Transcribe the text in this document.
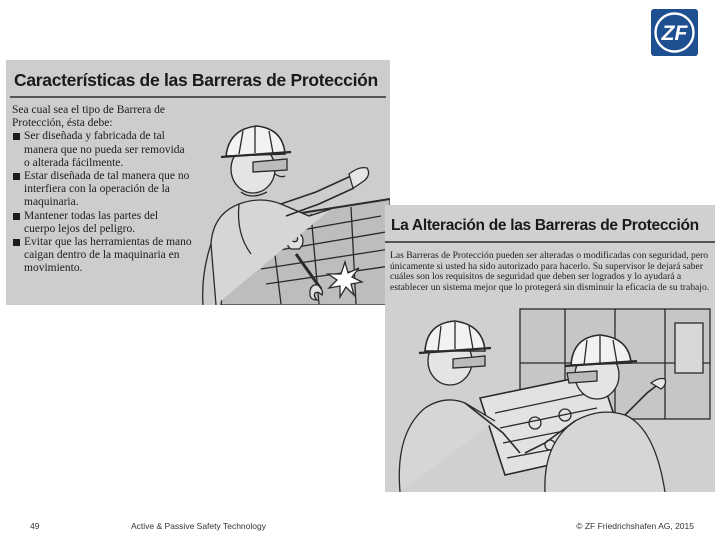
ZF
Características de las Barreras de Protección

Sea cual sea el tipo de Barrera de Protección, ésta debe:

Ser diseñada y fabricada de tal manera que no pueda ser removida o alterada fácilmente.
Estar diseñada de tal manera que no interfiera con la operación de la maquinaria.
Mantener todas las partes del cuerpo lejos del peligro.
Evitar que las herramientas de mano caigan dentro de la maquinaria en movimiento.
La Alteración de las Barreras de Protección
Las Barreras de Protección pueden ser alteradas o modificadas con seguridad, pero únicamente si usted ha sido autorizado para hacerlo. Su supervisor le dejará saber cuáles son los requisitos de seguridad que deben ser logrados y lo ayudará a establecer un sistema mejor que lo protegerá sin disminuir la eficacia de su trabajo.
49	Active & Passive Safety Technology	© ZF Friedrichshafen AG, 2015
